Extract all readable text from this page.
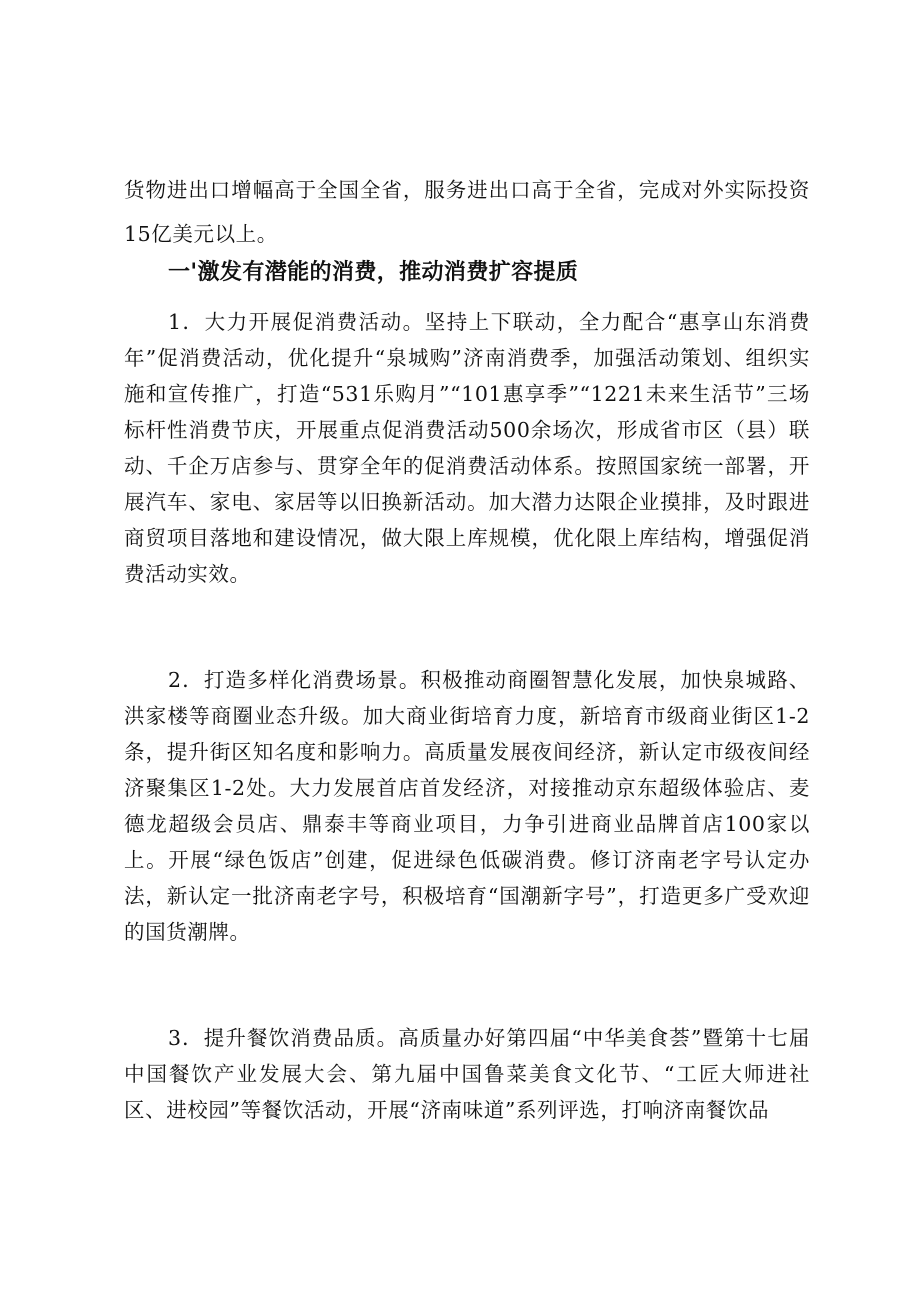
货物进出口增幅高于全国全省，服务进出口高于全省，完成对外实际投资15亿美元以上。

一'激发有潜能的消费，推动消费扩容提质

1．大力开展促消费活动。坚持上下联动，全力配合“惠享山东消费年”促消费活动，优化提升“泉城购”济南消费季，加强活动策划、组织实施和宣传推广，打造“531乐购月”“101惠享季”“1221未来生活节”三场标杆性消费节庆，开展重点促消费活动500余场次，形成省市区（县）联动、千企万店参与、贯穿全年的促消费活动体系。按照国家统一部署，开展汽车、家电、家居等以旧换新活动。加大潜力达限企业摸排，及时跟进商贸项目落地和建设情况，做大限上库规模，优化限上库结构，增强促消费活动实效。

2．打造多样化消费场景。积极推动商圈智慧化发展，加快泉城路、洪家楼等商圈业态升级。加大商业街培育力度，新培育市级商业街区1-2条，提升街区知名度和影响力。高质量发展夜间经济，新认定市级夜间经济聚集区1-2处。大力发展首店首发经济，对接推动京东超级体验店、麦德龙超级会员店、鼎泰丰等商业项目，力争引进商业品牌首店100家以上。开展“绿色饭店”创建，促进绿色低碳消费。修订济南老字号认定办法，新认定一批济南老字号，积极培育“国潮新字号”，打造更多广受欢迎的国货潮牌。

3．提升餐饮消费品质。高质量办好第四届“中华美食荟”暨第十七届中国餐饮产业发展大会、第九届中国鲁菜美食文化节、“工匠大师进社区、进校园”等餐饮活动，开展“济南味道”系列评选，打响济南餐饮品
